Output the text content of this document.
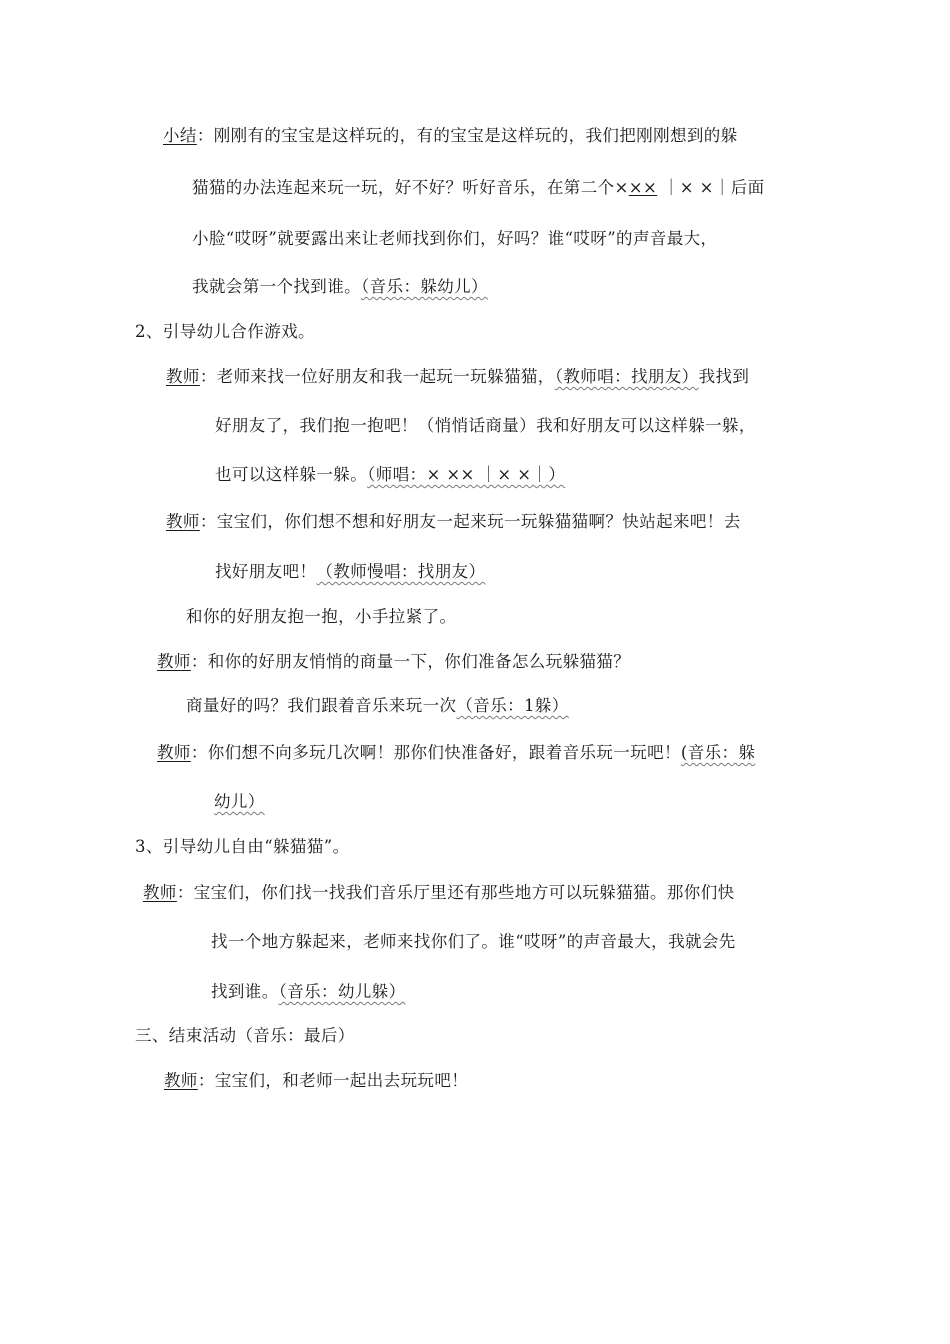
小结：刚刚有的宝宝是这样玩的，有的宝宝是这样玩的，我们把刚刚想到的躲
猫猫的办法连起来玩一玩，好不好？听好音乐，在第二个××× ｜× ×｜后面
小脸“哎呀”就要露出来让老师找到你们，好吗？谁“哎呀”的声音最大，
我就会第一个找到谁。（音乐：躲幼儿）
2、引导幼儿合作游戏。
教师：老师来找一位好朋友和我一起玩一玩躲猫猫，（教师唱：找朋友）我找到
好朋友了，我们抱一抱吧！（悄悄话商量）我和好朋友可以这样躲一躲，
也可以这样躲一躲。（师唱：× ×× ｜× ×｜）
教师：宝宝们，你们想不想和好朋友一起来玩一玩躲猫猫啊？快站起来吧！去
找好朋友吧！（教师慢唱：找朋友）
和你的好朋友抱一抱，小手拉紧了。
教师：和你的好朋友悄悄的商量一下，你们准备怎么玩躲猫猫？
商量好的吗？我们跟着音乐来玩一次（音乐：1躲）
教师：你们想不向多玩几次啊！那你们快准备好，跟着音乐玩一玩吧！(音乐：躲
幼儿）
3、引导幼儿自由“躲猫猫”。
教师：宝宝们，你们找一找我们音乐厅里还有那些地方可以玩躲猫猫。那你们快
找一个地方躲起来，老师来找你们了。谁“哎呀”的声音最大，我就会先
找到谁。（音乐：幼儿躲）
三、结束活动（音乐：最后）
教师：宝宝们，和老师一起出去玩玩吧！
